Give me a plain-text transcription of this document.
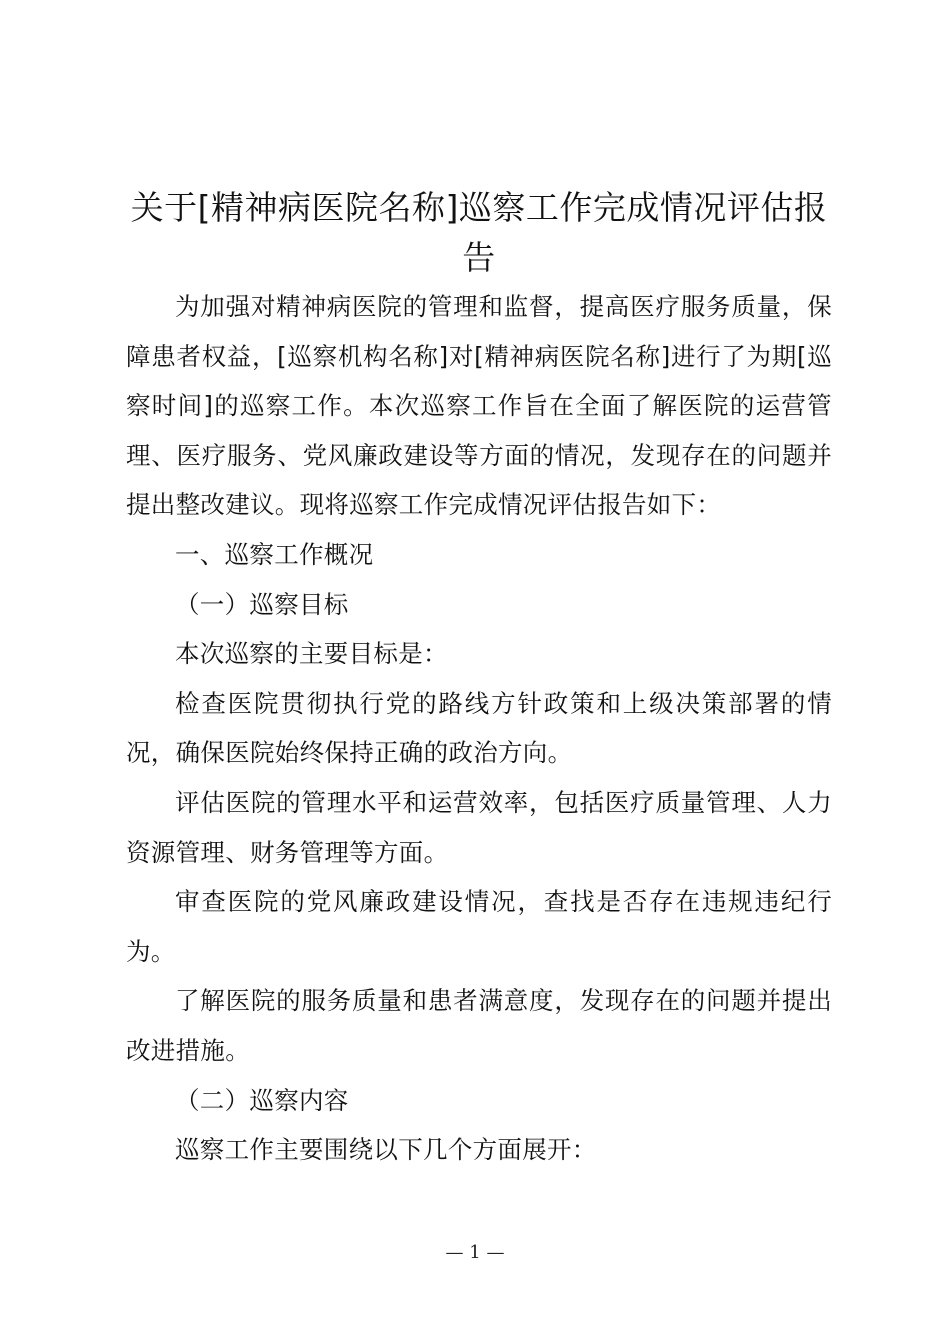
关于[精神病医院名称]巡察工作完成情况评估报告

为加强对精神病医院的管理和监督，提高医疗服务质量，保障患者权益，[巡察机构名称]对[精神病医院名称]进行了为期[巡察时间]的巡察工作。本次巡察工作旨在全面了解医院的运营管理、医疗服务、党风廉政建设等方面的情况，发现存在的问题并提出整改建议。现将巡察工作完成情况评估报告如下：

一、巡察工作概况

（一）巡察目标

本次巡察的主要目标是：

检查医院贯彻执行党的路线方针政策和上级决策部署的情况，确保医院始终保持正确的政治方向。

评估医院的管理水平和运营效率，包括医疗质量管理、人力资源管理、财务管理等方面。

审查医院的党风廉政建设情况，查找是否存在违规违纪行为。

了解医院的服务质量和患者满意度，发现存在的问题并提出改进措施。

（二）巡察内容

巡察工作主要围绕以下几个方面展开：

— 1 —
